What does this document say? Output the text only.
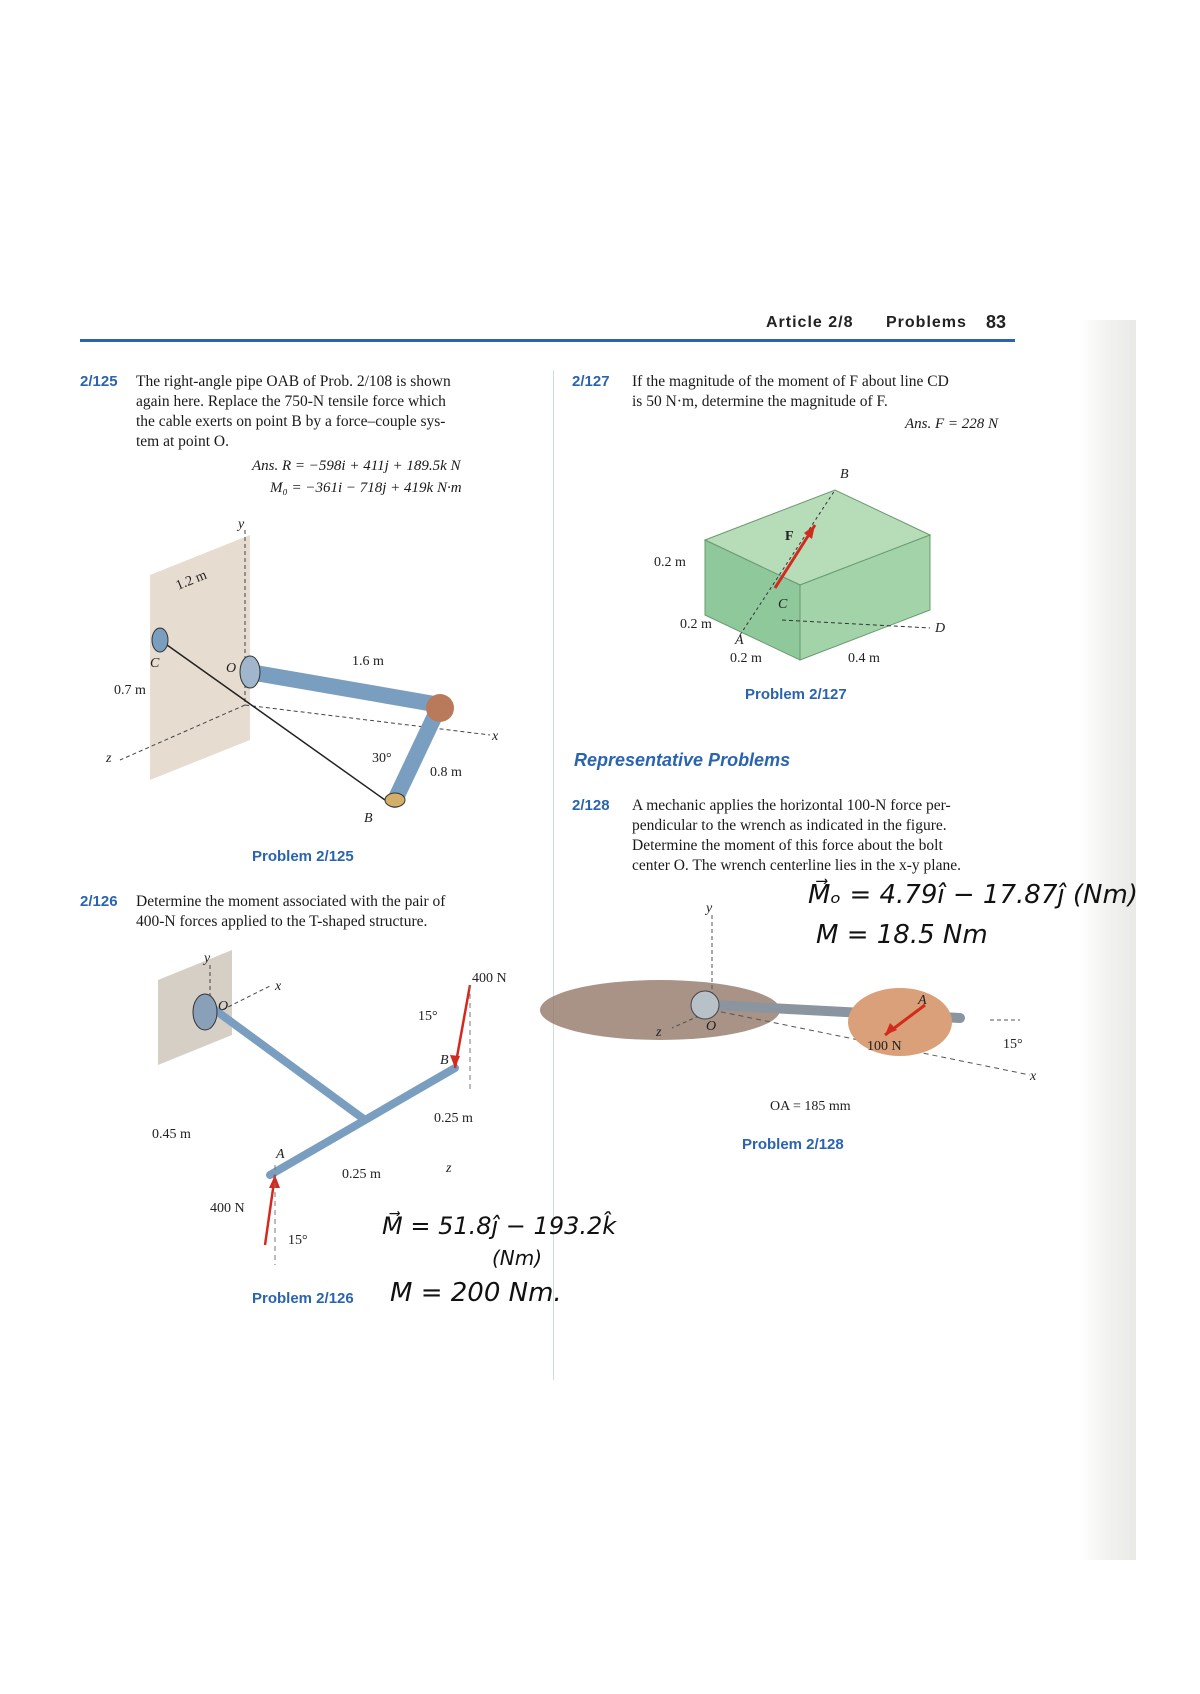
Article 2/8 Problems 83
2/125 The right-angle pipe OAB of Prob. 2/108 is shown
again here. Replace the 750-N tensile force which
the cable exerts on point B by a force–couple sys-
tem at point O.
Ans. R = −598i + 411j + 189.5k N
M₀ = −361i − 718j + 419k N·m
y
1.2 m
C	O	1.6 m
0.7 m
z
x
30°
0.8 m
B
Problem 2/125
2/126 Determine the moment associated with the pair of
400-N forces applied to the T-shaped structure.
y
O
x
400 N
15°
B
0.25 m
0.45 m
A
0.25 m	z
400 N
15°
Problem 2/126
M⃗ = 51.8ĵ − 193.2k̂
(Nm)
M = 200 Nm.
2/127 If the magnitude of the moment of F about line CD
is 50 N·m, determine the magnitude of F.
Ans. F = 228 N
B
F
0.2 m
C
0.2 m	D
A
0.2 m	0.4 m
Problem 2/127
Representative Problems
2/128 A mechanic applies the horizontal 100-N force per-
pendicular to the wrench as indicated in the figure.
Determine the moment of this force about the bolt
center O. The wrench centerline lies in the x-y plane.
M⃗ₒ = 4.79î − 17.87ĵ (Nm)
M = 18.5 Nm
y
z	O
A
100 N	15°
x
OA = 185 mm
Problem 2/128
